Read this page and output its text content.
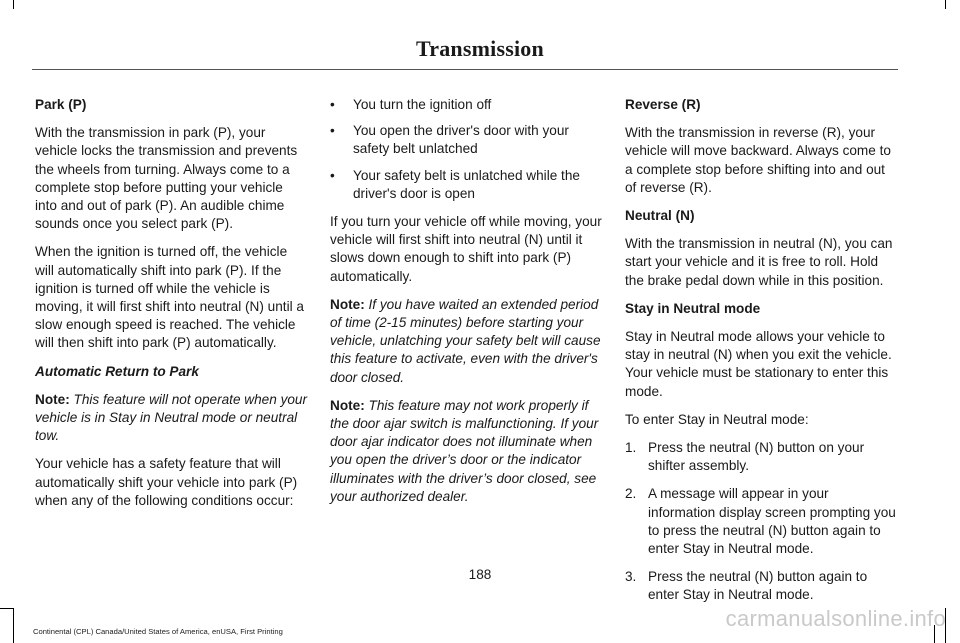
Transmission

Park (P)

With the transmission in park (P), your vehicle locks the transmission and prevents the wheels from turning. Always come to a complete stop before putting your vehicle into and out of park (P). An audible chime sounds once you select park (P).

When the ignition is turned off, the vehicle will automatically shift into park (P). If the ignition is turned off while the vehicle is moving, it will first shift into neutral (N) until a slow enough speed is reached. The vehicle will then shift into park (P) automatically.

Automatic Return to Park

Note: This feature will not operate when your vehicle is in Stay in Neutral mode or neutral tow.

Your vehicle has a safety feature that will automatically shift your vehicle into park (P) when any of the following conditions occur:

• You turn the ignition off
• You open the driver's door with your safety belt unlatched
• Your safety belt is unlatched while the driver's door is open

If you turn your vehicle off while moving, your vehicle will first shift into neutral (N) until it slows down enough to shift into park (P) automatically.

Note: If you have waited an extended period of time (2-15 minutes) before starting your vehicle, unlatching your safety belt will cause this feature to activate, even with the driver's door closed.

Note: This feature may not work properly if the door ajar switch is malfunctioning. If your door ajar indicator does not illuminate when you open the driver’s door or the indicator illuminates with the driver’s door closed, see your authorized dealer.

Reverse (R)

With the transmission in reverse (R), your vehicle will move backward. Always come to a complete stop before shifting into and out of reverse (R).

Neutral (N)

With the transmission in neutral (N), you can start your vehicle and it is free to roll. Hold the brake pedal down while in this position.

Stay in Neutral mode

Stay in Neutral mode allows your vehicle to stay in neutral (N) when you exit the vehicle. Your vehicle must be stationary to enter this mode.

To enter Stay in Neutral mode:

1. Press the neutral (N) button on your shifter assembly.
2. A message will appear in your information display screen prompting you to press the neutral (N) button again to enter Stay in Neutral mode.
3. Press the neutral (N) button again to enter Stay in Neutral mode.
188
Continental (CPL) Canada/United States of America, enUSA, First Printing
carmanualsonline.info
